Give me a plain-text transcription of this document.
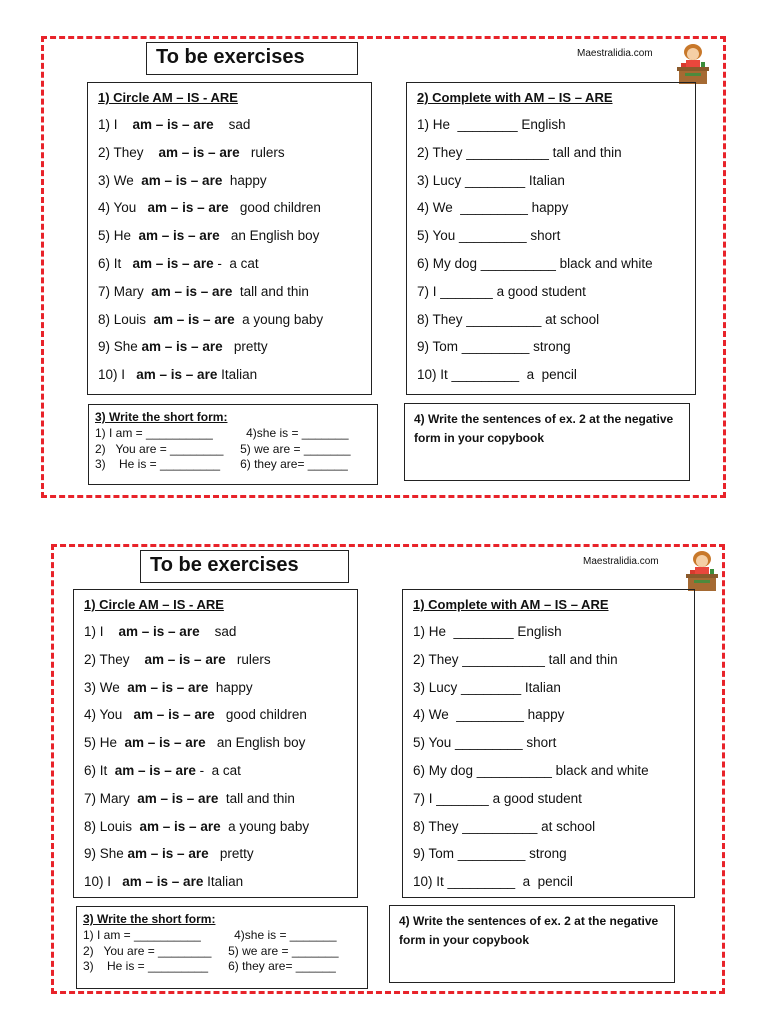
To be exercises	Maestralidia.com
1) Circle AM – IS - ARE
1) I    am – is – are    sad
2) They    am – is – are   rulers
3) We  am – is – are  happy
4) You   am – is – are   good children
5) He  am – is – are   an English boy
6) It   am – is – are -  a cat
7) Mary  am – is – are  tall and thin
8) Louis  am – is – are  a young baby
9) She am – is – are   pretty
10) I   am – is – are Italian
2) Complete with AM – IS – ARE
1) He  ________ English
2) They ___________ tall and thin
3) Lucy ________ Italian
4) We  _________ happy
5) You _________ short
6) My dog __________ black and white
7) I _______ a good student
8) They __________ at school
9) Tom _________ strong
10) It _________  a  pencil
3) Write the short form:
1) I am = __________          4)she is = _______
2)   You are = ________     5) we are = _______
3)    He is = _________      6) they are= ______
4) Write the sentences of ex. 2 at the negative form in your copybook
To be exercises	Maestralidia.com
1) Circle AM – IS - ARE
1) I    am – is – are    sad
2) They    am – is – are   rulers
3) We  am – is – are  happy
4) You   am – is – are   good children
5) He  am – is – are   an English boy
6) It  am – is – are -  a cat
7) Mary  am – is – are  tall and thin
8) Louis  am – is – are  a young baby
9) She am – is – are   pretty
10) I   am – is – are Italian
1) Complete with AM – IS – ARE
1) He  ________ English
2) They ___________ tall and thin
3) Lucy ________ Italian
4) We  _________ happy
5) You _________ short
6) My dog __________ black and white
7) I _______ a good student
8) They __________ at school
9) Tom _________ strong
10) It _________  a  pencil
3) Write the short form:
1) I am = __________          4)she is = _______
2)   You are = ________     5) we are = _______
3)    He is = _________      6) they are= ______
4) Write the sentences of ex. 2 at the negative form in your copybook
